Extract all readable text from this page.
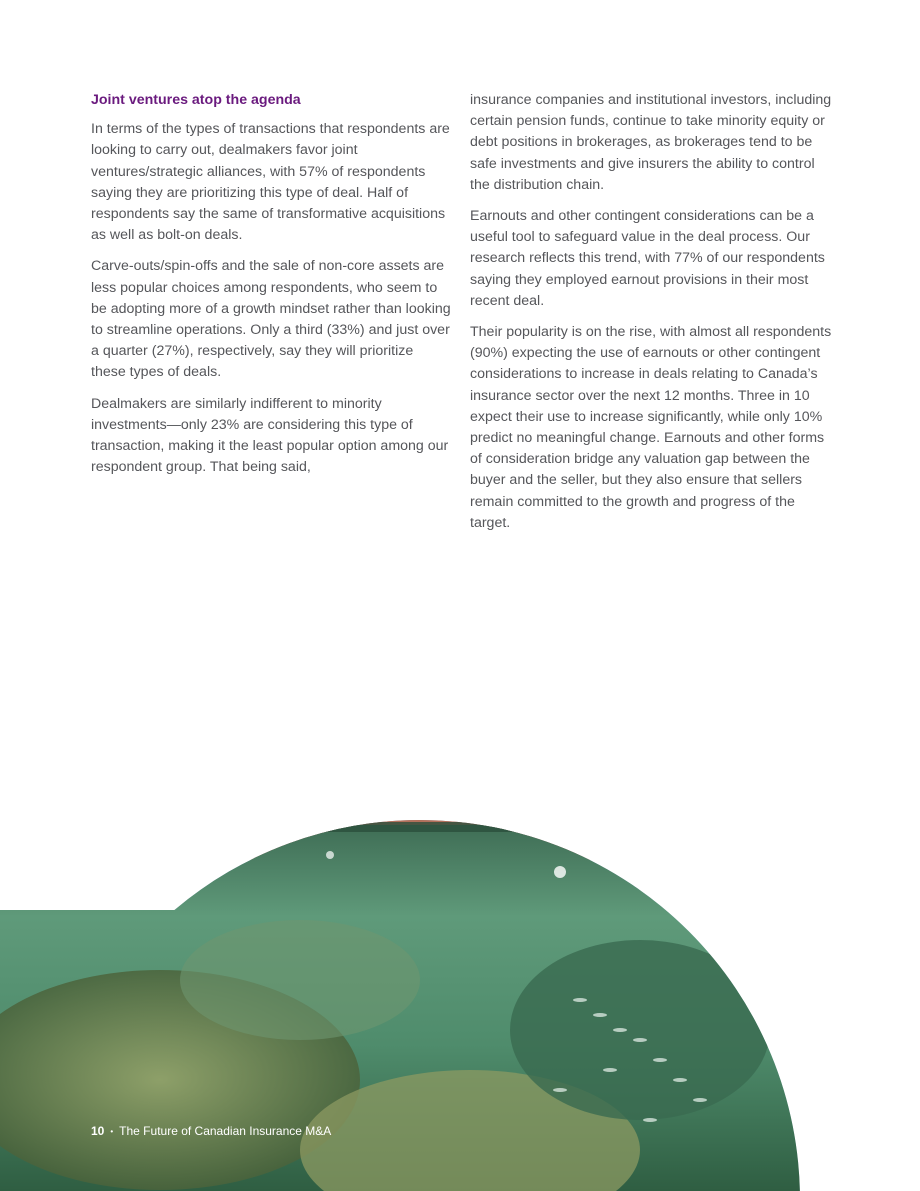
Joint ventures atop the agenda

In terms of the types of transactions that respondents are looking to carry out, dealmakers favor joint ventures/strategic alliances, with 57% of respondents saying they are prioritizing this type of deal. Half of respondents say the same of transformative acquisitions as well as bolt-on deals.

Carve-outs/spin-offs and the sale of non-core assets are less popular choices among respondents, who seem to be adopting more of a growth mindset rather than looking to streamline operations. Only a third (33%) and just over a quarter (27%), respectively, say they will prioritize these types of deals.

Dealmakers are similarly indifferent to minority investments—only 23% are considering this type of transaction, making it the least popular option among our respondent group. That being said,

insurance companies and institutional investors, including certain pension funds, continue to take minority equity or debt positions in brokerages, as brokerages tend to be safe investments and give insurers the ability to control the distribution chain.

Earnouts and other contingent considerations can be a useful tool to safeguard value in the deal process. Our research reflects this trend, with 77% of our respondents saying they employed earnout provisions in their most recent deal.

Their popularity is on the rise, with almost all respondents (90%) expecting the use of earnouts or other contingent considerations to increase in deals relating to Canada’s insurance sector over the next 12 months. Three in 10 expect their use to increase significantly, while only 10% predict no meaningful change. Earnouts and other forms of consideration bridge any valuation gap between the buyer and the seller, but they also ensure that sellers remain committed to the growth and progress of the target.

10 • The Future of Canadian Insurance M&A
